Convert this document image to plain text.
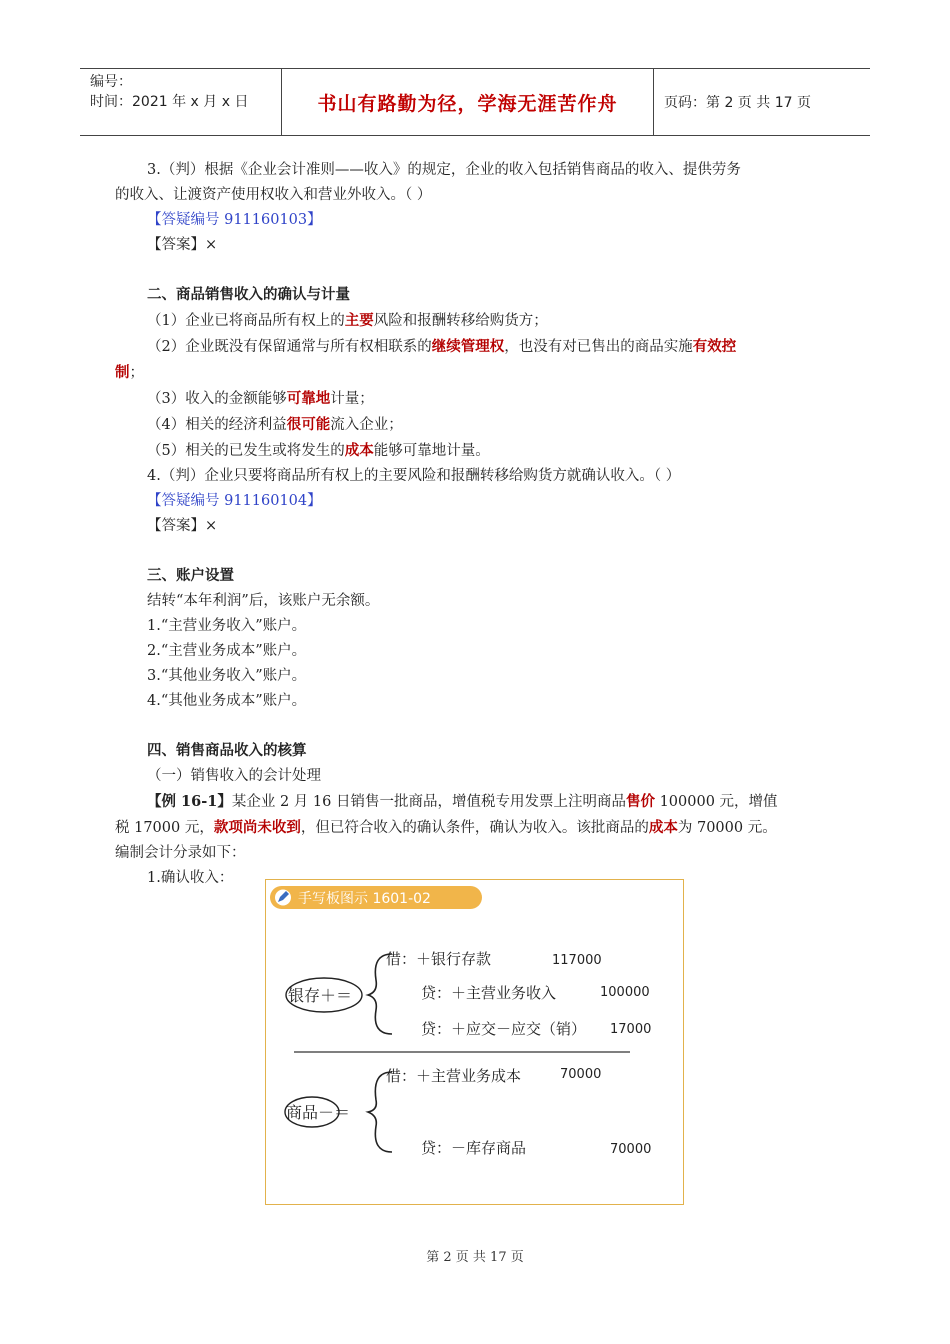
编号：
时间：2021 年 x 月 x 日	书山有路勤为径，学海无涯苦作舟	页码：第 2 页 共 17 页

3.（判）根据《企业会计准则——收入》的规定，企业的收入包括销售商品的收入、提供劳务

的收入、让渡资产使用权收入和营业外收入。（ ）

【答疑编号 911160103】

【答案】×

二、商品销售收入的确认与计量

（1）企业已将商品所有权上的主要风险和报酬转移给购货方；

（2）企业既没有保留通常与所有权相联系的继续管理权，也没有对已售出的商品实施有效控

制；

（3）收入的金额能够可靠地计量；

（4）相关的经济利益很可能流入企业；

（5）相关的已发生或将发生的成本能够可靠地计量。

4.（判）企业只要将商品所有权上的主要风险和报酬转移给购货方就确认收入。（ ）

【答疑编号 911160104】

【答案】×

三、账户设置

结转“本年利润”后，该账户无余额。

1.“主营业务收入”账户。

2.“主营业务成本”账户。

3.“其他业务收入”账户。

4.“其他业务成本”账户。

四、销售商品收入的核算

（一）销售收入的会计处理

【例 16-1】某企业 2 月 16 日销售一批商品，增值税专用发票上注明商品售价 100000 元，增值

税 17000 元，款项尚未收到，但已符合收入的确认条件，确认为收入。该批商品的成本为 70000 元。

编制会计分录如下：

1.确认收入：

手写板图示 1601-02
银存＋＝
借：＋银行存款	117000
贷：＋主营业务收入	100000
贷：＋应交－应交（销） 17000
商品－＝
借：＋主营业务成本	70000
贷：－库存商品	70000
第 2 页 共 17 页
